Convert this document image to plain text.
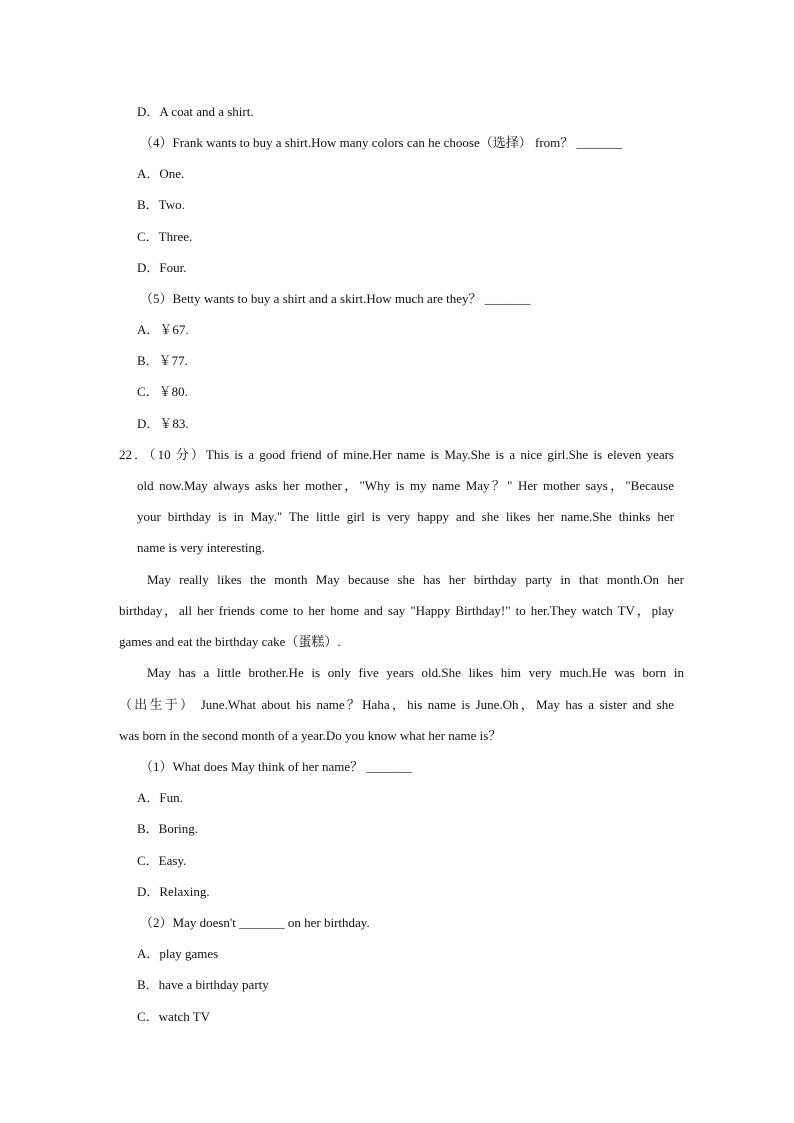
D．A coat and a shirt.
（4）Frank wants to buy a shirt.How many colors can he choose（选择） from？ _______
A．One.
B．Two.
C．Three.
D．Four.
（5）Betty wants to buy a shirt and a skirt.How much are they？ _______
A．￥67.
B．￥77.
C．￥80.
D．￥83.
22．（10 分）This is a good friend of mine.Her name is May.She is a nice girl.She is eleven years
old now.May always asks her mother，"Why is my name May？" Her mother says，"Because
your birthday is in May." The little girl is very happy and she likes her name.She thinks her
name is very interesting.
May really likes the month May because she has her birthday party in that month.On her
birthday，all her friends come to her home and say "Happy Birthday!" to her.They watch TV，play
games and eat the birthday cake（蛋糕）.
May has a little brother.He is only five years old.She likes him very much.He was born in
（出生于） June.What about his name？Haha，his name is June.Oh，May has a sister and she
was born in the second month of a year.Do you know what her name is？
（1）What does May think of her name？ _______
A．Fun.
B．Boring.
C．Easy.
D．Relaxing.
（2）May doesn't _______ on her birthday.
A．play games
B．have a birthday party
C．watch TV
